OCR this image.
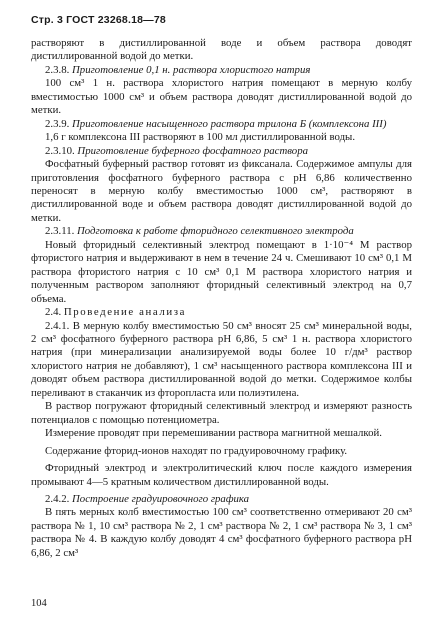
Стр. 3 ГОСТ 23268.18—78

растворяют в дистиллированной воде и объем раствора доводят дистиллированной водой до метки.

2.3.8. Приготовление 0,1 н. раствора хлористого натрия

100 см³ 1 н. раствора хлористого натрия помещают в мерную колбу вместимостью 1000 см³ и объем раствора доводят дистиллированной водой до метки.

2.3.9. Приготовление насыщенного раствора трилона Б (комплексона III)

1,6 г комплексона III растворяют в 100 мл дистиллированной воды.

2.3.10. Приготовление буферного фосфатного раствора

Фосфатный буферный раствор готовят из фиксанала. Содержимое ампулы для приготовления фосфатного буферного раствора с pH 6,86 количественно переносят в мерную колбу вместимостью 1000 см³, растворяют в дистиллированной воде и объем раствора доводят дистиллированной водой до метки.

2.3.11. Подготовка к работе фторидного селективного электрода

Новый фторидный селективный электрод помещают в 1·10⁻⁴ М раствор фтористого натрия и выдерживают в нем в течение 24 ч. Смешивают 10 см³ 0,1 М раствора фтористого натрия с 10 см³ 0,1 М раствора хлористого натрия и полученным раствором заполняют фторидный селективный электрод на 0,7 объема.

2.4. Проведение анализа

2.4.1. В мерную колбу вместимостью 50 см³ вносят 25 см³ минеральной воды, 2 см³ фосфатного буферного раствора pH 6,86, 5 см³ 1 н. раствора хлористого натрия (при минерализации анализируемой воды более 10 г/дм³ раствор хлористого натрия не добавляют), 1 см³ насыщенного раствора комплексона III и доводят объем раствора дистиллированной водой до метки. Содержимое колбы переливают в стаканчик из фторопласта или полиэтилена.

В раствор погружают фторидный селективный электрод и измеряют разность потенциалов с помощью потенциометра.

Измерение проводят при перемешивании раствора магнитной мешалкой.

Содержание фторид-ионов находят по градуировочному графику.

Фторидный электрод и электролитический ключ после каждого измерения промывают 4—5 кратным количеством дистиллированной воды.

2.4.2. Построение градуировочного графика

В пять мерных колб вместимостью 100 см³ соответственно отмеривают 20 см³ раствора № 1, 10 см³ раствора № 2, 1 см³ раствора № 2, 1 см³ раствора № 3, 1 см³ раствора № 4. В каждую колбу доводят 4 см³ фосфатного буферного раствора pH 6,86, 2 см³

104
